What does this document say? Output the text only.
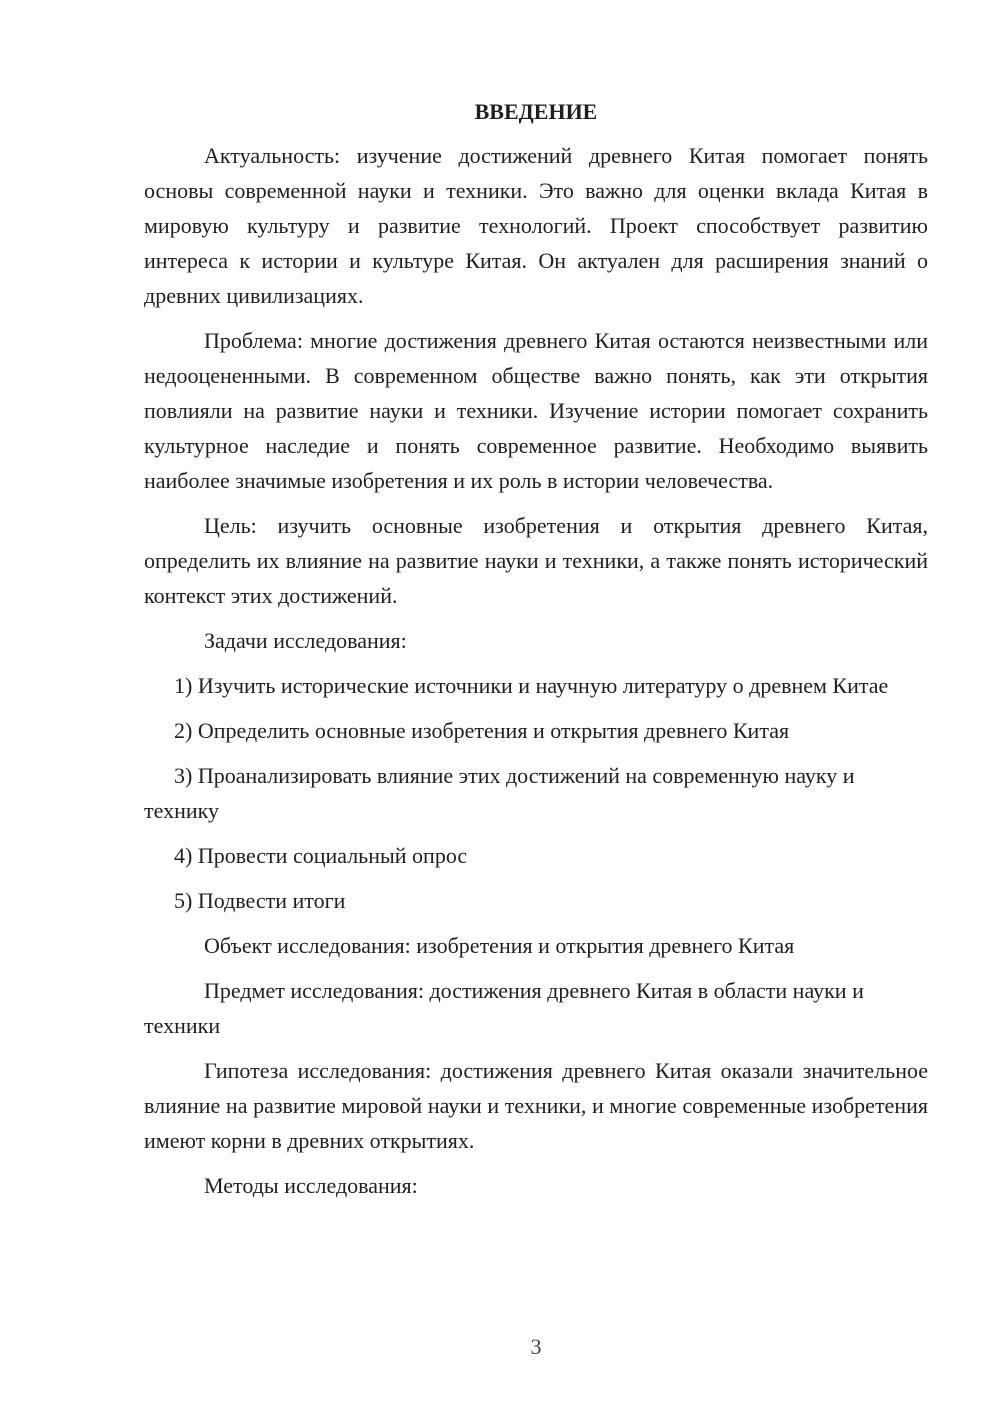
ВВЕДЕНИЕ

Актуальность: изучение достижений древнего Китая помогает понять основы современной науки и техники. Это важно для оценки вклада Китая в мировую культуру и развитие технологий. Проект способствует развитию интереса к истории и культуре Китая. Он актуален для расширения знаний о древних цивилизациях.

Проблема: многие достижения древнего Китая остаются неизвестными или недооцененными. В современном обществе важно понять, как эти открытия повлияли на развитие науки и техники. Изучение истории помогает сохранить культурное наследие и понять современное развитие. Необходимо выявить наиболее значимые изобретения и их роль в истории человечества.

Цель: изучить основные изобретения и открытия древнего Китая, определить их влияние на развитие науки и техники, а также понять исторический контекст этих достижений.

Задачи исследования:

1) Изучить исторические источники и научную литературу о древнем Китае

2) Определить основные изобретения и открытия древнего Китая

3) Проанализировать влияние этих достижений на современную науку и технику

4) Провести социальный опрос

5) Подвести итоги

Объект исследования: изобретения и открытия древнего Китая

Предмет исследования: достижения древнего Китая в области науки и техники

Гипотеза исследования: достижения древнего Китая оказали значительное влияние на развитие мировой науки и техники, и многие современные изобретения имеют корни в древних открытиях.

Методы исследования:

3
